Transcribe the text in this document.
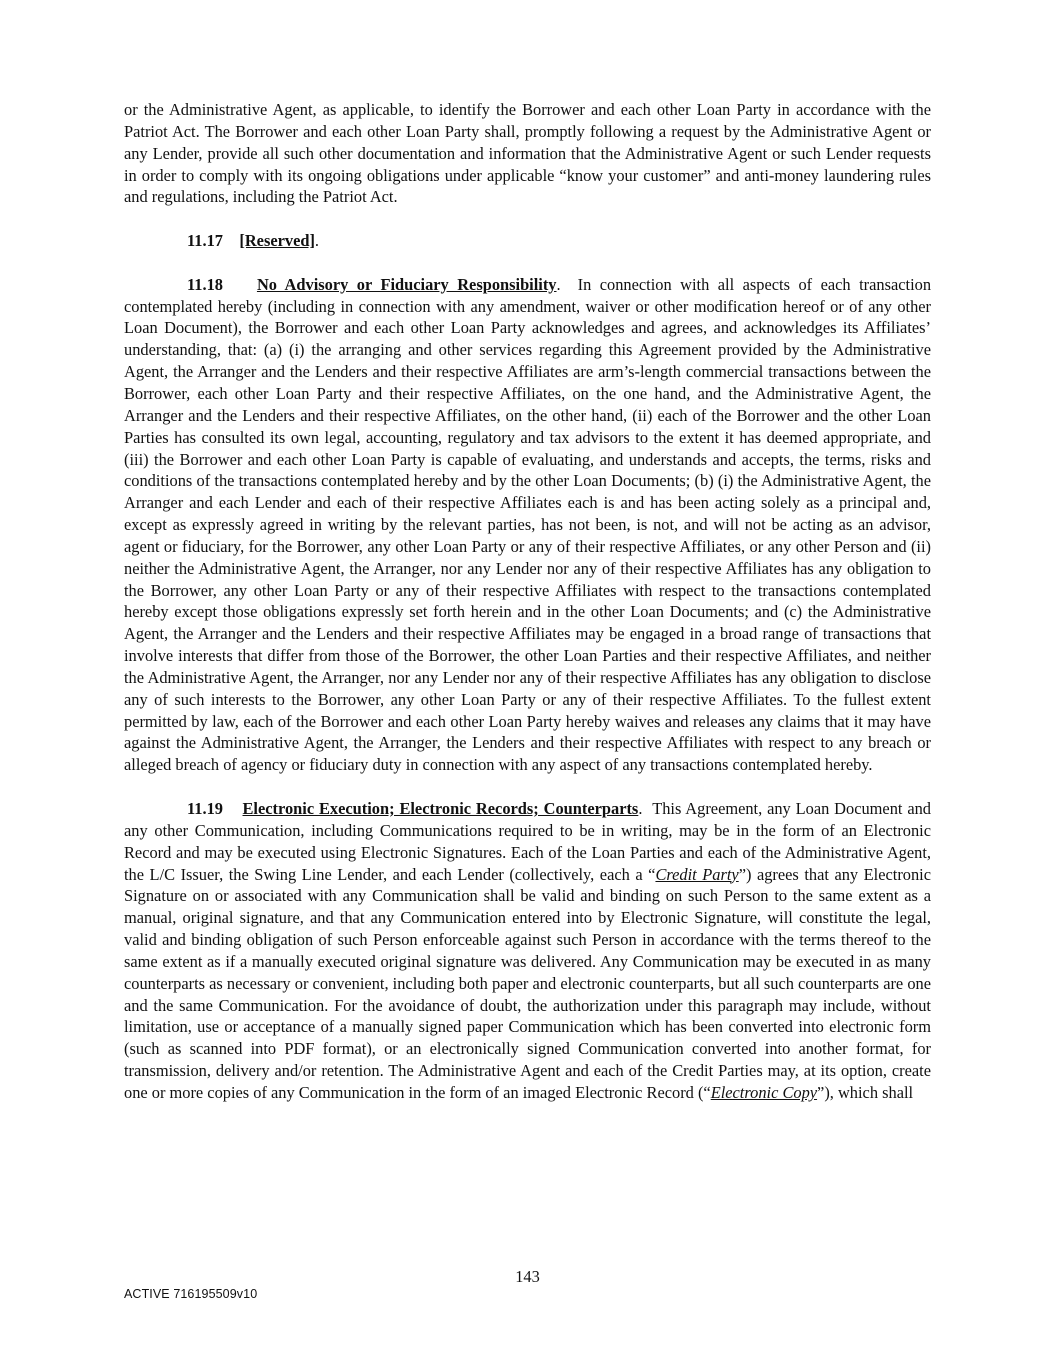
or the Administrative Agent, as applicable, to identify the Borrower and each other Loan Party in accordance with the Patriot Act. The Borrower and each other Loan Party shall, promptly following a request by the Administrative Agent or any Lender, provide all such other documentation and information that the Administrative Agent or such Lender requests in order to comply with its ongoing obligations under applicable “know your customer” and anti-money laundering rules and regulations, including the Patriot Act.

11.17 [Reserved].

11.18 No Advisory or Fiduciary Responsibility. In connection with all aspects of each transaction contemplated hereby (including in connection with any amendment, waiver or other modification hereof or of any other Loan Document), the Borrower and each other Loan Party acknowledges and agrees, and acknowledges its Affiliates’ understanding, that: (a) (i) the arranging and other services regarding this Agreement provided by the Administrative Agent, the Arranger and the Lenders and their respective Affiliates are arm’s-length commercial transactions between the Borrower, each other Loan Party and their respective Affiliates, on the one hand, and the Administrative Agent, the Arranger and the Lenders and their respective Affiliates, on the other hand, (ii) each of the Borrower and the other Loan Parties has consulted its own legal, accounting, regulatory and tax advisors to the extent it has deemed appropriate, and (iii) the Borrower and each other Loan Party is capable of evaluating, and understands and accepts, the terms, risks and conditions of the transactions contemplated hereby and by the other Loan Documents; (b) (i) the Administrative Agent, the Arranger and each Lender and each of their respective Affiliates each is and has been acting solely as a principal and, except as expressly agreed in writing by the relevant parties, has not been, is not, and will not be acting as an advisor, agent or fiduciary, for the Borrower, any other Loan Party or any of their respective Affiliates, or any other Person and (ii) neither the Administrative Agent, the Arranger, nor any Lender nor any of their respective Affiliates has any obligation to the Borrower, any other Loan Party or any of their respective Affiliates with respect to the transactions contemplated hereby except those obligations expressly set forth herein and in the other Loan Documents; and (c) the Administrative Agent, the Arranger and the Lenders and their respective Affiliates may be engaged in a broad range of transactions that involve interests that differ from those of the Borrower, the other Loan Parties and their respective Affiliates, and neither the Administrative Agent, the Arranger, nor any Lender nor any of their respective Affiliates has any obligation to disclose any of such interests to the Borrower, any other Loan Party or any of their respective Affiliates. To the fullest extent permitted by law, each of the Borrower and each other Loan Party hereby waives and releases any claims that it may have against the Administrative Agent, the Arranger, the Lenders and their respective Affiliates with respect to any breach or alleged breach of agency or fiduciary duty in connection with any aspect of any transactions contemplated hereby.

11.19 Electronic Execution; Electronic Records; Counterparts. This Agreement, any Loan Document and any other Communication, including Communications required to be in writing, may be in the form of an Electronic Record and may be executed using Electronic Signatures. Each of the Loan Parties and each of the Administrative Agent, the L/C Issuer, the Swing Line Lender, and each Lender (collectively, each a “Credit Party”) agrees that any Electronic Signature on or associated with any Communication shall be valid and binding on such Person to the same extent as a manual, original signature, and that any Communication entered into by Electronic Signature, will constitute the legal, valid and binding obligation of such Person enforceable against such Person in accordance with the terms thereof to the same extent as if a manually executed original signature was delivered. Any Communication may be executed in as many counterparts as necessary or convenient, including both paper and electronic counterparts, but all such counterparts are one and the same Communication. For the avoidance of doubt, the authorization under this paragraph may include, without limitation, use or acceptance of a manually signed paper Communication which has been converted into electronic form (such as scanned into PDF format), or an electronically signed Communication converted into another format, for transmission, delivery and/or retention. The Administrative Agent and each of the Credit Parties may, at its option, create one or more copies of any Communication in the form of an imaged Electronic Record (“Electronic Copy”), which shall

143
ACTIVE 716195509v10
